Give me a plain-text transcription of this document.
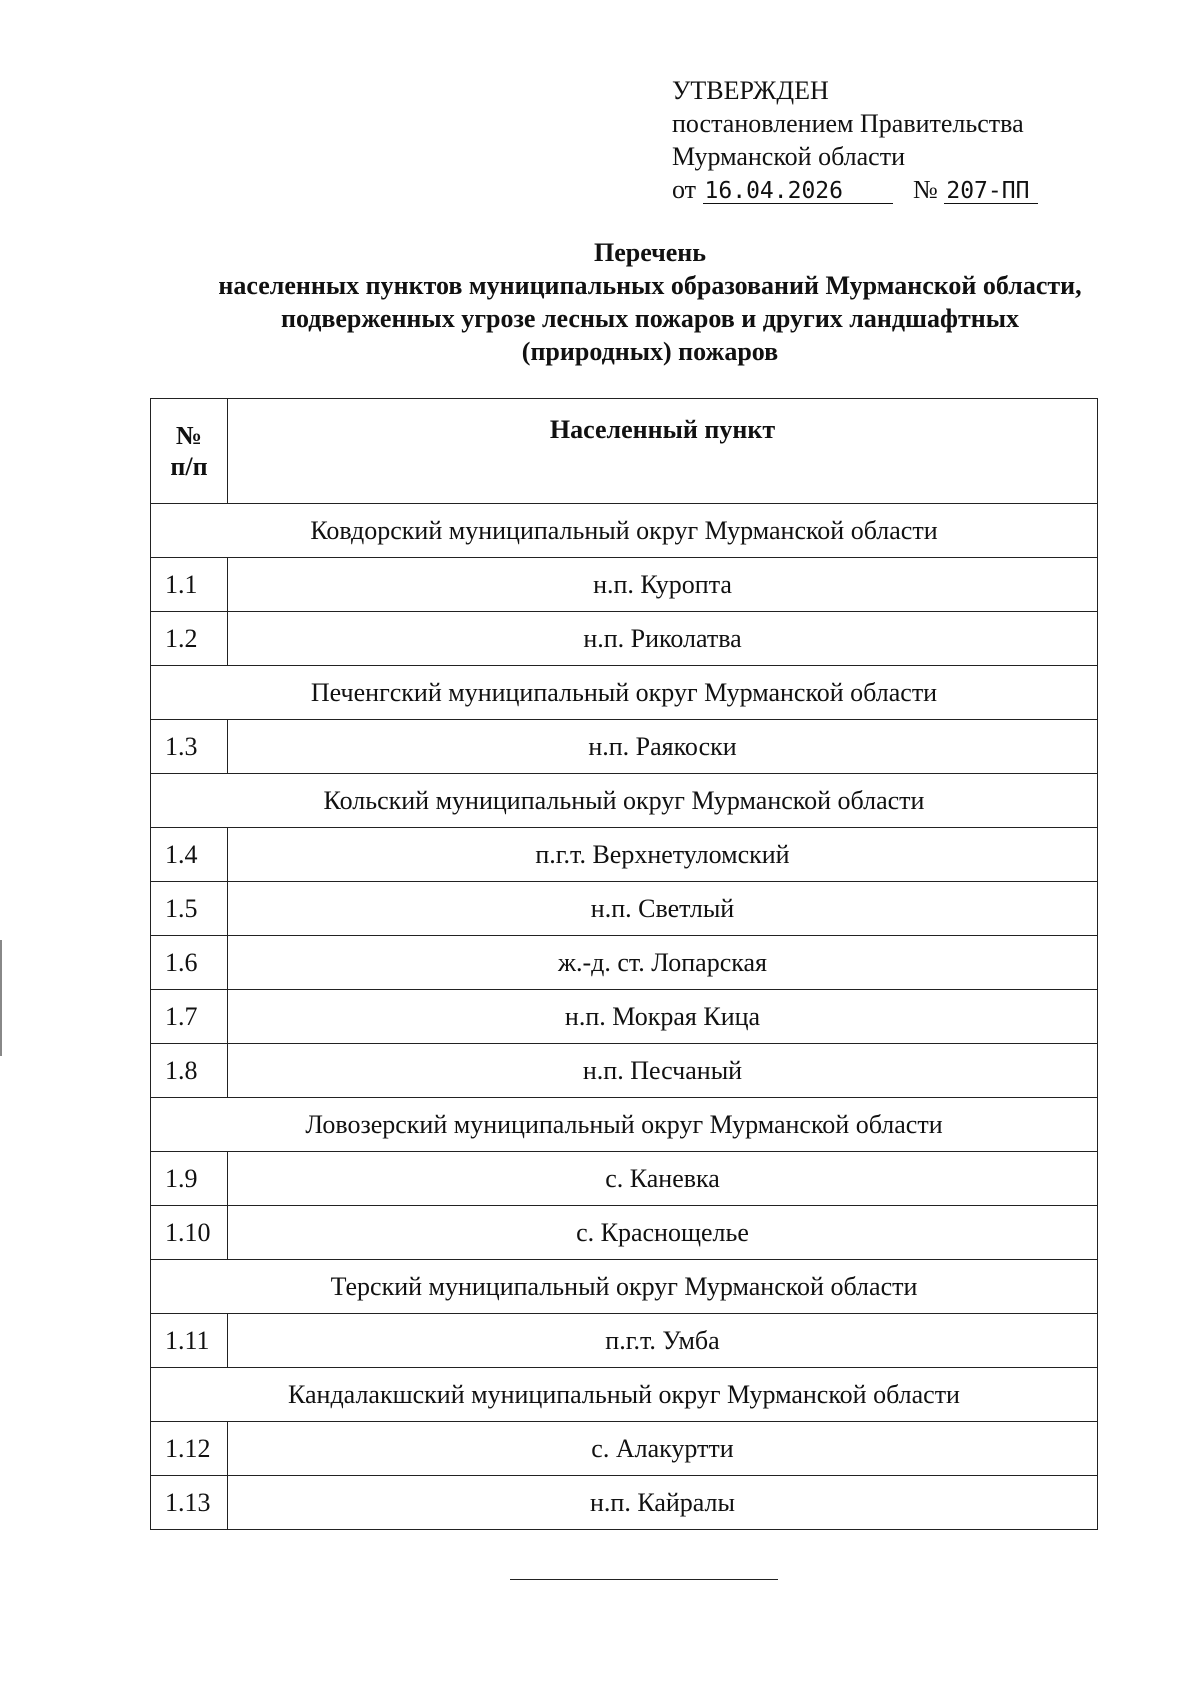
УТВЕРЖДЕН
постановлением Правительства
Мурманской области
от 16.04.2026	№ 207-ПП
Перечень
населенных пунктов муниципальных образований Мурманской области,
подверженных угрозе лесных пожаров и других ландшафтных
(природных) пожаров
№
п/п	Населенный пункт
Ковдорский муниципальный округ Мурманской области	
1.1	н.п. Куропта
1.2	н.п. Риколатва
Печенгский муниципальный округ Мурманской области	
1.3	н.п. Раякоски
Кольский муниципальный округ Мурманской области	
1.4	п.г.т. Верхнетуломский
1.5	н.п. Светлый
1.6	ж.-д. ст. Лопарская
1.7	н.п. Мокрая Кица
1.8	н.п. Песчаный
Ловозерский муниципальный округ Мурманской области	
1.9	с. Каневка
1.10	с. Краснощелье
Терский муниципальный округ Мурманской области	
1.11	п.г.т. Умба
Кандалакшский муниципальный округ Мурманской области	
1.12	с. Алакуртти
1.13	н.п. Кайралы
